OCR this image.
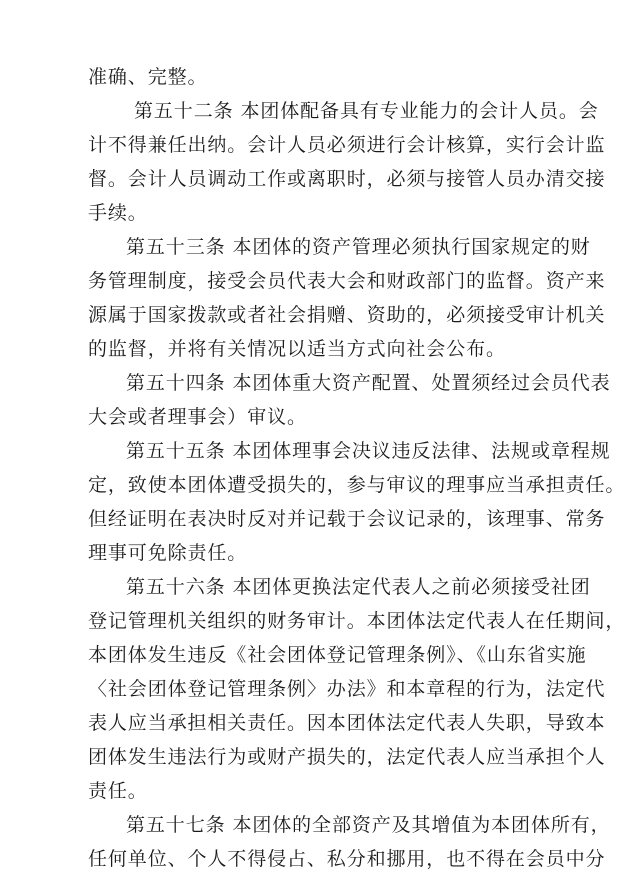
准确、完整。
第五十二条 本团体配备具有专业能力的会计人员。会
计不得兼任出纳。会计人员必须进行会计核算，实行会计监
督。会计人员调动工作或离职时，必须与接管人员办清交接
手续。
第五十三条 本团体的资产管理必须执行国家规定的财
务管理制度，接受会员代表大会和财政部门的监督。资产来
源属于国家拨款或者社会捐赠、资助的，必须接受审计机关
的监督，并将有关情况以适当方式向社会公布。
第五十四条 本团体重大资产配置、处置须经过会员代表
大会或者理事会）审议。
第五十五条 本团体理事会决议违反法律、法规或章程规
定，致使本团体遭受损失的，参与审议的理事应当承担责任。
但经证明在表决时反对并记载于会议记录的，该理事、常务
理事可免除责任。
第五十六条 本团体更换法定代表人之前必须接受社团
登记管理机关组织的财务审计。本团体法定代表人在任期间，
本团体发生违反《社会团体登记管理条例》、《山东省实施
〈社会团体登记管理条例〉办法》和本章程的行为，法定代
表人应当承担相关责任。因本团体法定代表人失职，导致本
团体发生违法行为或财产损失的，法定代表人应当承担个人
责任。
第五十七条 本团体的全部资产及其增值为本团体所有，
任何单位、个人不得侵占、私分和挪用，也不得在会员中分
